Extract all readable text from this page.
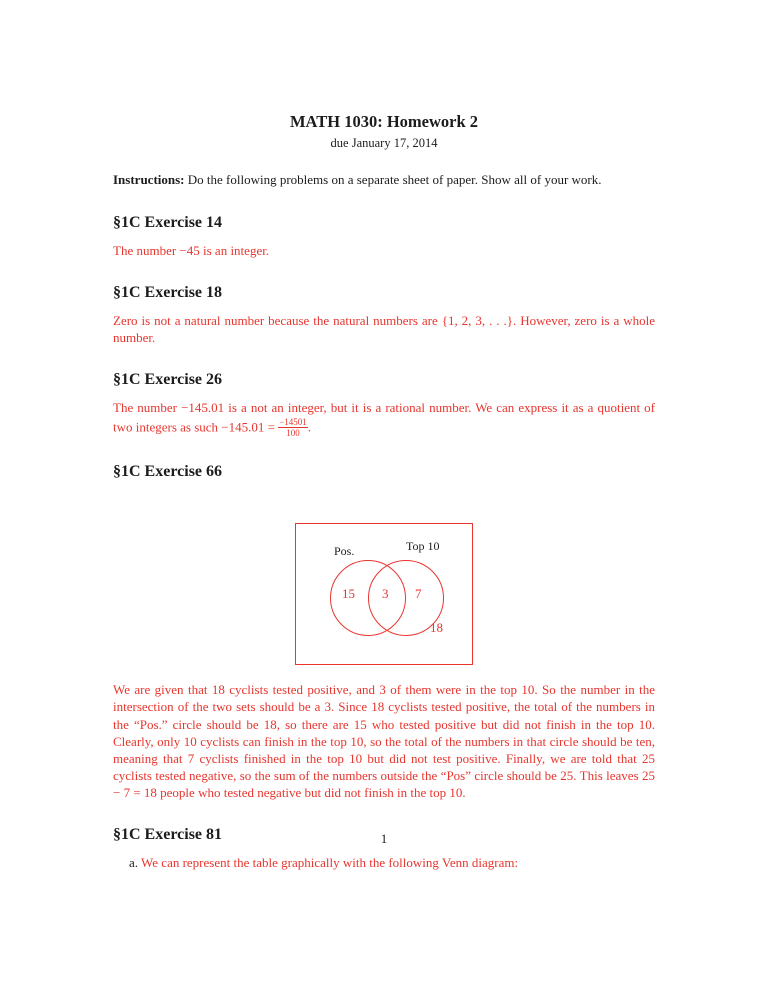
MATH 1030: Homework 2
due January 17, 2014

Instructions: Do the following problems on a separate sheet of paper. Show all of your work.

§1C Exercise 14

The number −45 is an integer.

§1C Exercise 18

Zero is not a natural number because the natural numbers are {1, 2, 3, . . .}. However, zero is a whole number.

§1C Exercise 26

The number −145.01 is a not an integer, but it is a rational number. We can express it as a quotient of two integers as such $-145.01 = \frac{-14501}{100}$ .

§1C Exercise 66
Pos.	Top 10
15 3 7
18

We are given that 18 cyclists tested positive, and 3 of them were in the top 10. So the number in the intersection of the two sets should be a 3. Since 18 cyclists tested positive, the total of the numbers in the “Pos.” circle should be 18, so there are 15 who tested positive but did not finish in the top 10. Clearly, only 10 cyclists can finish in the top 10, so the total of the numbers in that circle should be ten, meaning that 7 cyclists finished in the top 10 but did not test positive. Finally, we are told that 25 cyclists tested negative, so the sum of the numbers outside the “Pos” circle should be 25. This leaves 25 − 7 = 18 people who tested negative but did not finish in the top 10.

§1C Exercise 81

a. We can represent the table graphically with the following Venn diagram:

1
